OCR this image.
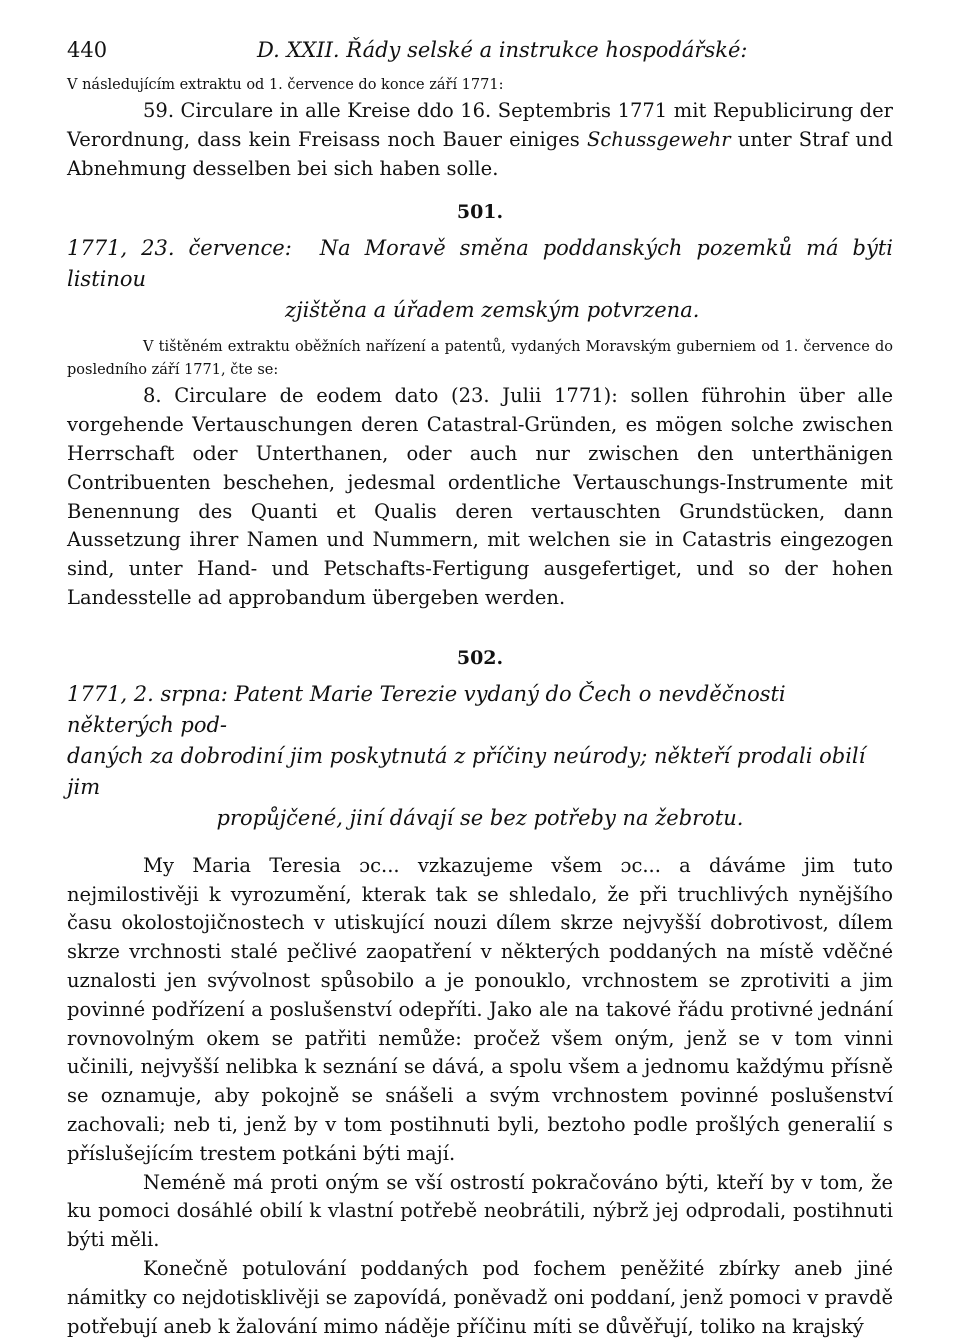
440	D. XXII. Řády selské a instrukce hospodářské:

V následujícím extraktu od 1. července do konce září 1771:

59. Circulare in alle Kreise ddo 16. Septembris 1771 mit Republicirung der Verordnung, dass kein Freisass noch Bauer einiges Schussgewehr unter Straf und Abnehmung desselben bei sich haben solle.

501.

1771, 23. července: Na Moravě směna poddanských pozemků má býti listinou

zjištěna a úřadem zemským potvrzena.

V tištěném extraktu oběžních nařízení a patentů, vydaných Moravským guberniem od 1. července do posledního září 1771, čte se:

8. Circulare de eodem dato (23. Julii 1771): sollen führohin über alle vorgehende Vertauschungen deren Catastral-Gründen, es mögen solche zwischen Herrschaft oder Unterthanen, oder auch nur zwischen den unterthänigen Contribuenten beschehen, jedesmal ordentliche Vertauschungs-Instrumente mit Benennung des Quanti et Qualis deren vertauschten Grundstücken, dann Aussetzung ihrer Namen und Nummern, mit welchen sie in Catastris eingezogen sind, unter Hand- und Petschafts-Fertigung ausgefertiget, und so der hohen Landesstelle ad approbandum übergeben werden.

502.

1771, 2. srpna: Patent Marie Terezie vydaný do Čech o nevděčnosti některých pod-

daných za dobrodiní jim poskytnutá z příčiny neúrody; někteří prodali obilí jim

propůjčené, jiní dávají se bez potřeby na žebrotu.

My Maria Teresia ɔc... vzkazujeme všem ɔc... a dáváme jim tuto nejmilostivěji k vyrozumění, kterak tak se shledalo, že při truchlivých nynějšího času okolostojičnostech v utiskující nouzi dílem skrze nejvyšší dobrotivost, dílem skrze vrchnosti stalé pečlivé zaopatření v některých poddaných na místě vděčné uznalosti jen svývolnost spůsobilo a je ponouklo, vrchnostem se zprotiviti a jim povinné podřízení a poslušenství odepříti. Jako ale na takové řádu protivné jednání rovnovolným okem se patřiti nemůže: pročež všem oným, jenž se v tom vinni učinili, nejvyšší nelibka k seznání se dává, a spolu všem a jednomu každýmu přísně se oznamuje, aby pokojně se snášeli a svým vrchnostem povinné poslušenství zachovali; neb ti, jenž by v tom postihnuti byli, beztoho podle prošlých generalií s příslušejícím trestem potkáni býti mají.

Neméně má proti oným se vší ostrostí pokračováno býti, kteří by v tom, že ku pomoci dosáhlé obilí k vlastní potřebě neobrátili, nýbrž jej odprodali, postihnuti býti měli.

Konečně potulování poddaných pod fochem peněžité zbírky aneb jiné námitky co nejdotisklivěji se zapovídá, poněvadž oni poddaní, jenž pomoci v pravdě potřebují aneb k žalování mimo náděje příčinu míti se důvěřují, toliko na krajský
